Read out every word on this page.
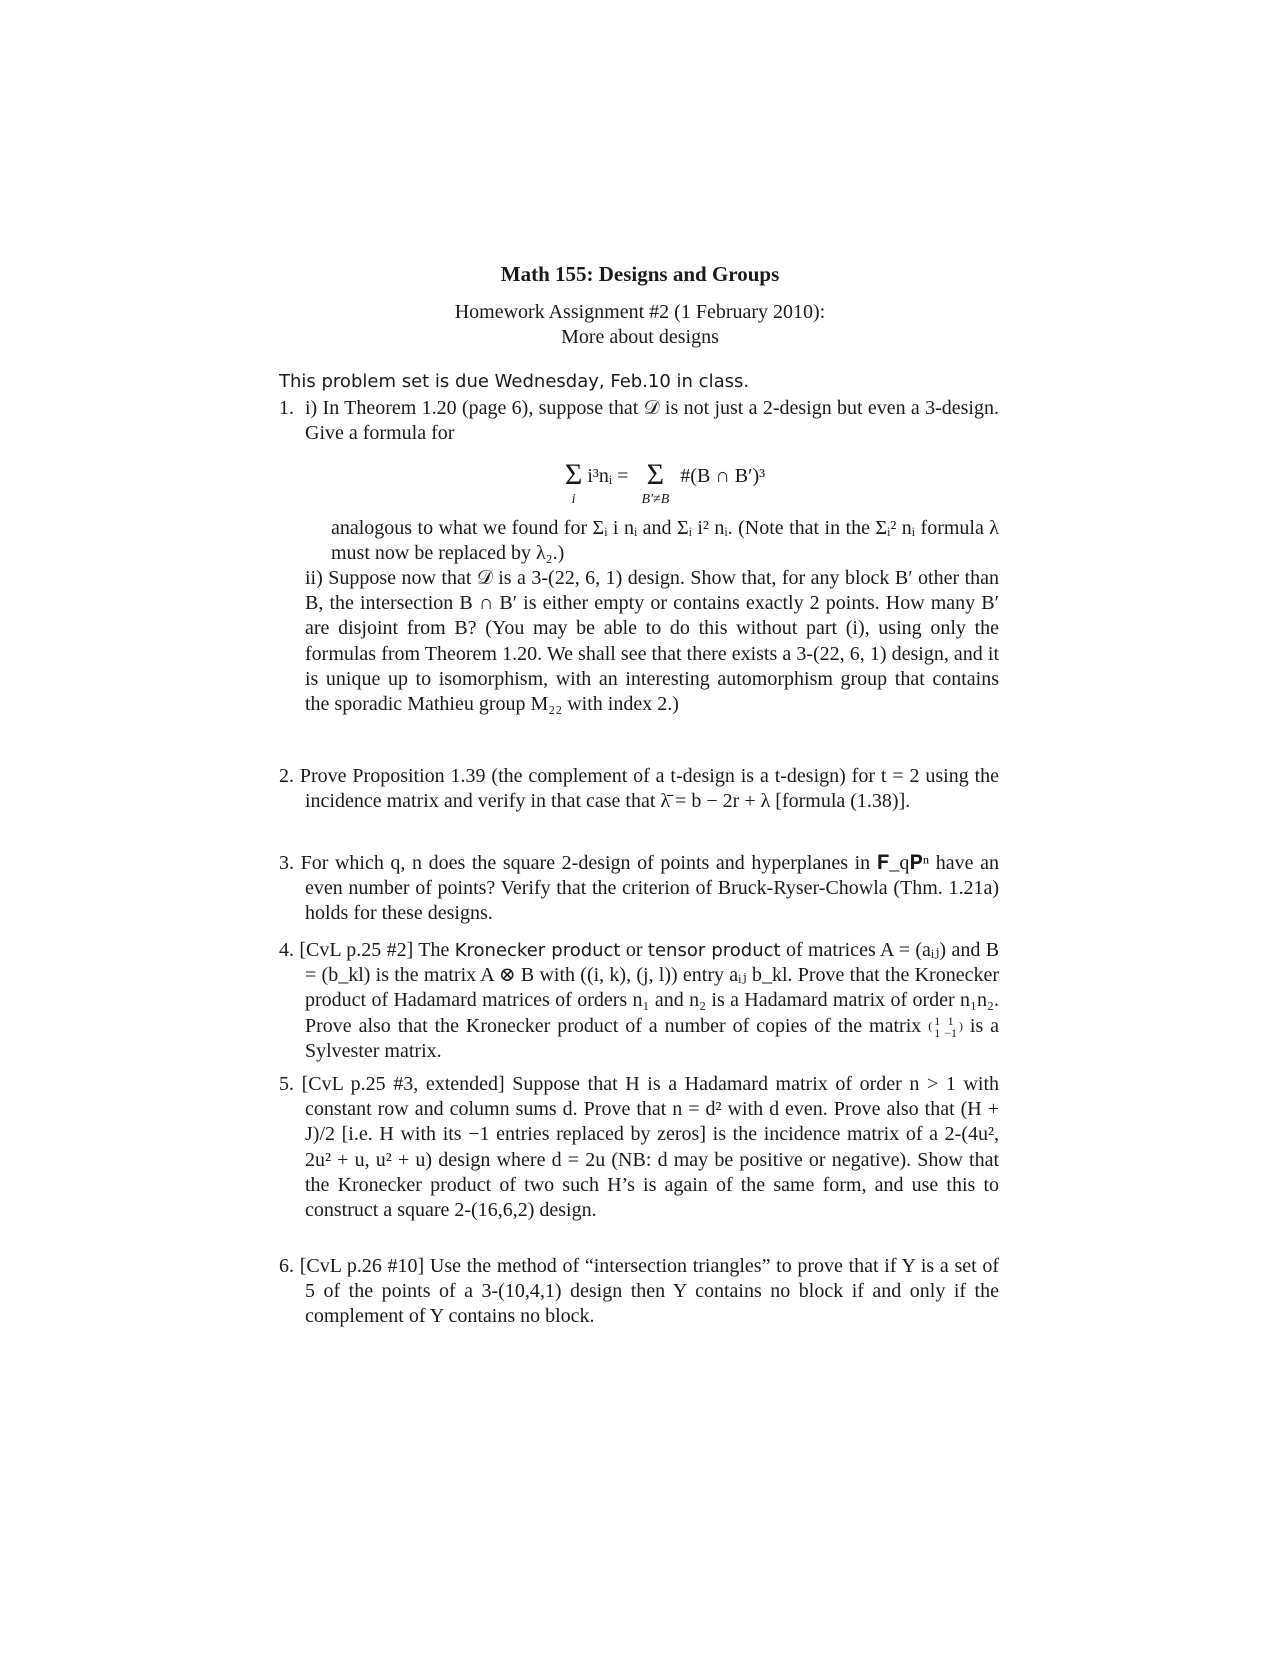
Math 155: Designs and Groups
Homework Assignment #2 (1 February 2010):
More about designs
This problem set is due Wednesday, Feb.10 in class.
1. i) In Theorem 1.20 (page 6), suppose that 𝒟 is not just a 2-design but even a 3-design. Give a formula for
Σ
i
i³nᵢ = Σ
B′≠B
#(B ∩ B′)³
analogous to what we found for Σᵢ i nᵢ and Σᵢ i² nᵢ. (Note that in the Σᵢ² nᵢ formula λ must now be replaced by λ₂.)
ii) Suppose now that 𝒟 is a 3-(22, 6, 1) design. Show that, for any block B′ other than B, the intersection B ∩ B′ is either empty or contains exactly 2 points. How many B′ are disjoint from B? (You may be able to do this without part (i), using only the formulas from Theorem 1.20. We shall see that there exists a 3-(22, 6, 1) design, and it is unique up to isomorphism, with an interesting automorphism group that contains the sporadic Mathieu group M₂₂ with index 2.)
2. Prove Proposition 1.39 (the complement of a t-design is a t-design) for t = 2 using the incidence matrix and verify in that case that λ̄ = b − 2r + λ [formula (1.38)].
3. For which q, n does the square 2-design of points and hyperplanes in 𝐅_q𝐏ⁿ have an even number of points? Verify that the criterion of Bruck-Ryser-Chowla (Thm. 1.21a) holds for these designs.
4. [CvL p.25 #2] The Kronecker product or tensor product of matrices A = (aᵢⱼ) and B = (b_kl) is the matrix A ⊗ B with ((i, k), (j, l)) entry aᵢⱼ b_kl. Prove that the Kronecker product of Hadamard matrices of orders n₁ and n₂ is a Hadamard matrix of order n₁n₂. Prove also that the Kronecker product of a number of copies of the matrix ( 1	1
1	−1) is a Sylvester matrix.
5. [CvL p.25 #3, extended] Suppose that H is a Hadamard matrix of order n > 1 with constant row and column sums d. Prove that n = d² with d even. Prove also that (H + J)/2 [i.e. H with its −1 entries replaced by zeros] is the incidence matrix of a 2-(4u², 2u² + u, u² + u) design where d = 2u (NB: d may be positive or negative). Show that the Kronecker product of two such H’s is again of the same form, and use this to construct a square 2-(16,6,2) design.
6. [CvL p.26 #10] Use the method of “intersection triangles” to prove that if Y is a set of 5 of the points of a 3-(10,4,1) design then Y contains no block if and only if the complement of Y contains no block.
